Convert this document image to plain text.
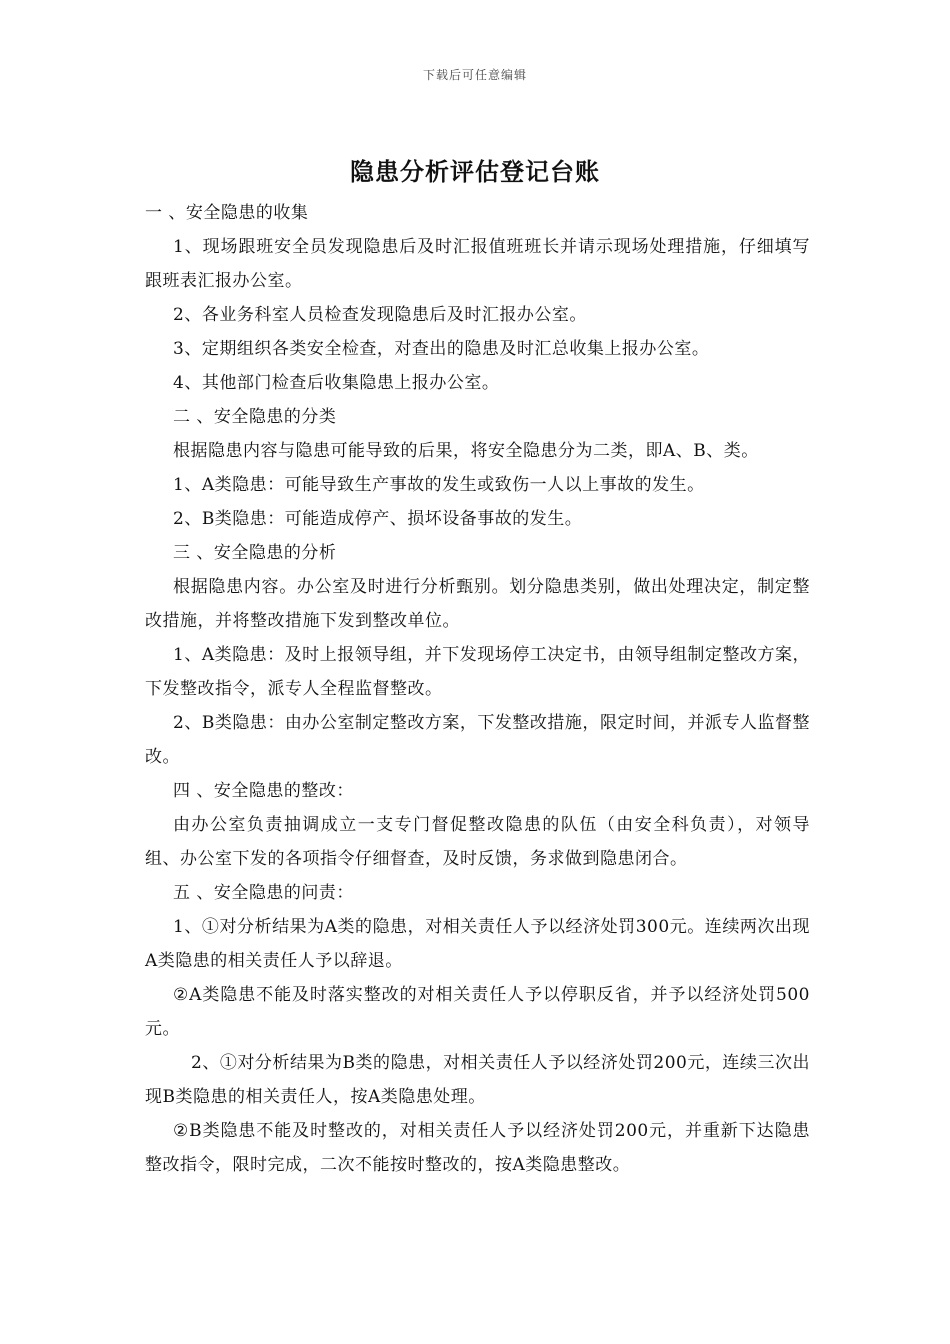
下载后可任意编辑
隐患分析评估登记台账

一 、安全隐患的收集

1、现场跟班安全员发现隐患后及时汇报值班班长并请示现场处理措施，仔细填写跟班表汇报办公室。

2、各业务科室人员检查发现隐患后及时汇报办公室。

3、定期组织各类安全检查，对查出的隐患及时汇总收集上报办公室。

4、其他部门检查后收集隐患上报办公室。

二 、安全隐患的分类

根据隐患内容与隐患可能导致的后果，将安全隐患分为二类，即A、B、类。

1、A类隐患：可能导致生产事故的发生或致伤一人以上事故的发生。

2、B类隐患：可能造成停产、损坏设备事故的发生。

三 、安全隐患的分析

根据隐患内容。办公室及时进行分析甄别。划分隐患类别，做出处理决定，制定整改措施，并将整改措施下发到整改单位。

1、A类隐患：及时上报领导组，并下发现场停工决定书，由领导组制定整改方案，下发整改指令，派专人全程监督整改。

2、B类隐患：由办公室制定整改方案，下发整改措施，限定时间，并派专人监督整改。

四 、安全隐患的整改：

由办公室负责抽调成立一支专门督促整改隐患的队伍（由安全科负责），对领导组、办公室下发的各项指令仔细督查，及时反馈，务求做到隐患闭合。

五 、安全隐患的问责：

1、①对分析结果为A类的隐患，对相关责任人予以经济处罚300元。连续两次出现A类隐患的相关责任人予以辞退。

②A类隐患不能及时落实整改的对相关责任人予以停职反省，并予以经济处罚500元。

2、①对分析结果为B类的隐患，对相关责任人予以经济处罚200元，连续三次出现B类隐患的相关责任人，按A类隐患处理。

②B类隐患不能及时整改的，对相关责任人予以经济处罚200元，并重新下达隐患整改指令，限时完成，二次不能按时整改的，按A类隐患整改。
